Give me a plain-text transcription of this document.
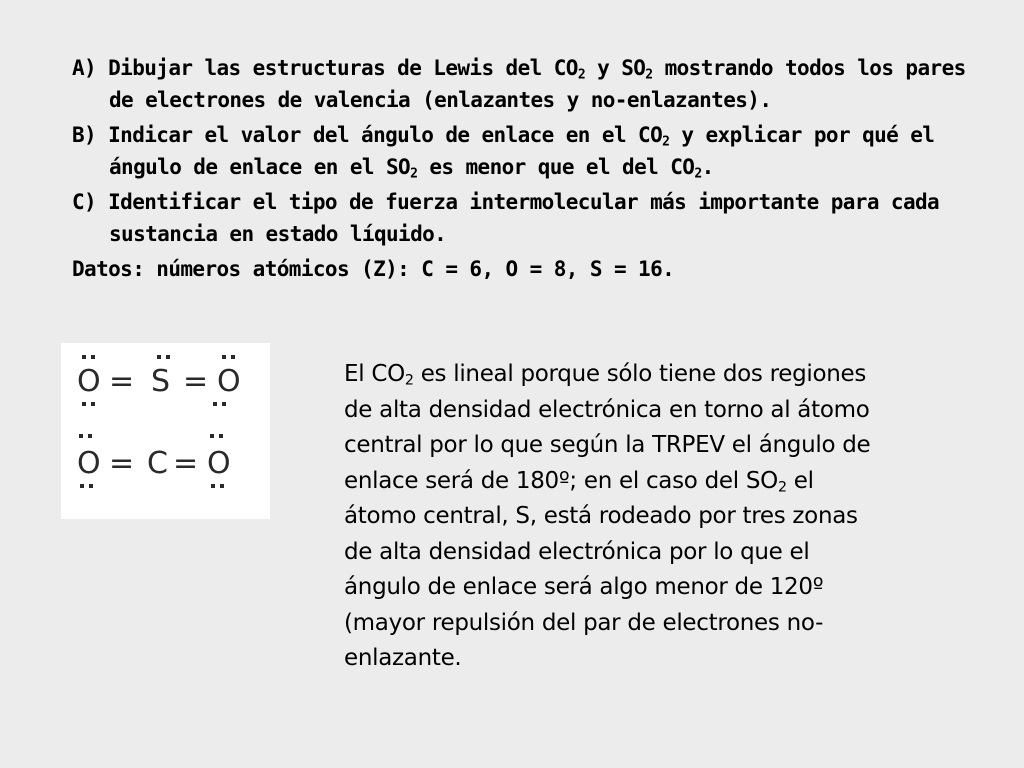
A) Dibujar las estructuras de Lewis del $CO_2$ y $SO_2$ mostrando todos los pares de electrones de valencia (enlazantes y no-enlazantes).

B) Indicar el valor del ángulo de enlace en el $CO_2$ y explicar por qué el ángulo de enlace en el $SO_2$ es menor que el del $CO_2$.

C) Identificar el tipo de fuerza intermolecular más importante para cada sustancia en estado líquido.

Datos: números atómicos (Z): C = 6, O = 8, S = 16.

O = S = O
O = C = O

El $CO_2$ es lineal porque sólo tiene dos regiones

de alta densidad electrónica en torno al átomo

central por lo que según la TRPEV el ángulo de

enlace será de 180º; en el caso del $SO_2$ el

átomo central, S, está rodeado por tres zonas

de alta densidad electrónica por lo que el

ángulo de enlace será algo menor de 120º

(mayor repulsión del par de electrones no-

enlazante.
